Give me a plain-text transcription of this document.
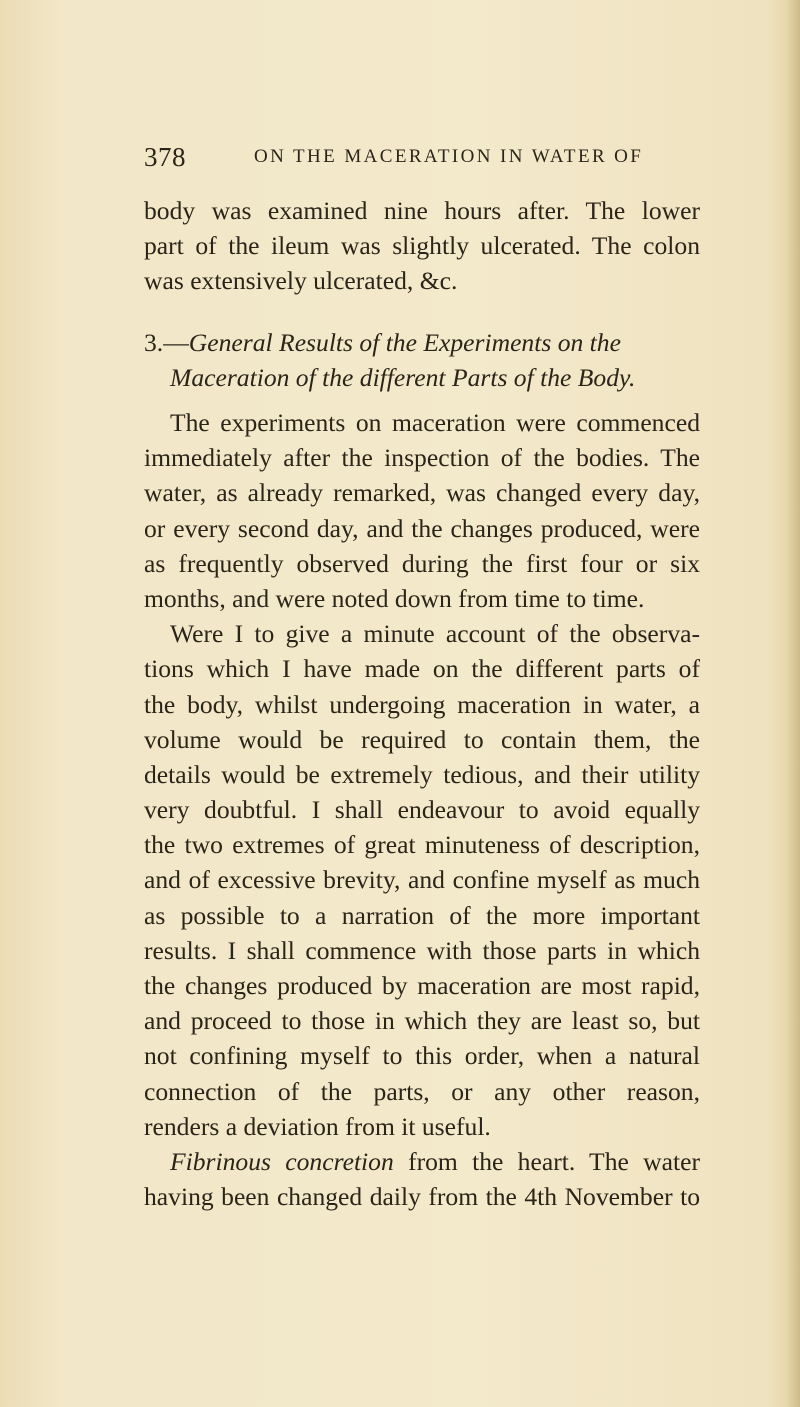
378	ON THE MACERATION IN WATER OF
body was examined nine hours after. The lower
part of the ileum was slightly ulcerated. The colon
was extensively ulcerated, &c.
3.—General Results of the Experiments on the
Maceration of the different Parts of the Body.
The experiments on maceration were commenced
immediately after the inspection of the bodies. The
water, as already remarked, was changed every day,
or every second day, and the changes produced, were
as frequently observed during the first four or six
months, and were noted down from time to time.
Were I to give a minute account of the observa-
tions which I have made on the different parts of
the body, whilst undergoing maceration in water, a
volume would be required to contain them, the
details would be extremely tedious, and their utility
very doubtful. I shall endeavour to avoid equally
the two extremes of great minuteness of description,
and of excessive brevity, and confine myself as much
as possible to a narration of the more important
results. I shall commence with those parts in which
the changes produced by maceration are most rapid,
and proceed to those in which they are least so, but
not confining myself to this order, when a natural
connection of the parts, or any other reason,
renders a deviation from it useful.
Fibrinous concretion from the heart. The water
having been changed daily from the 4th November to
